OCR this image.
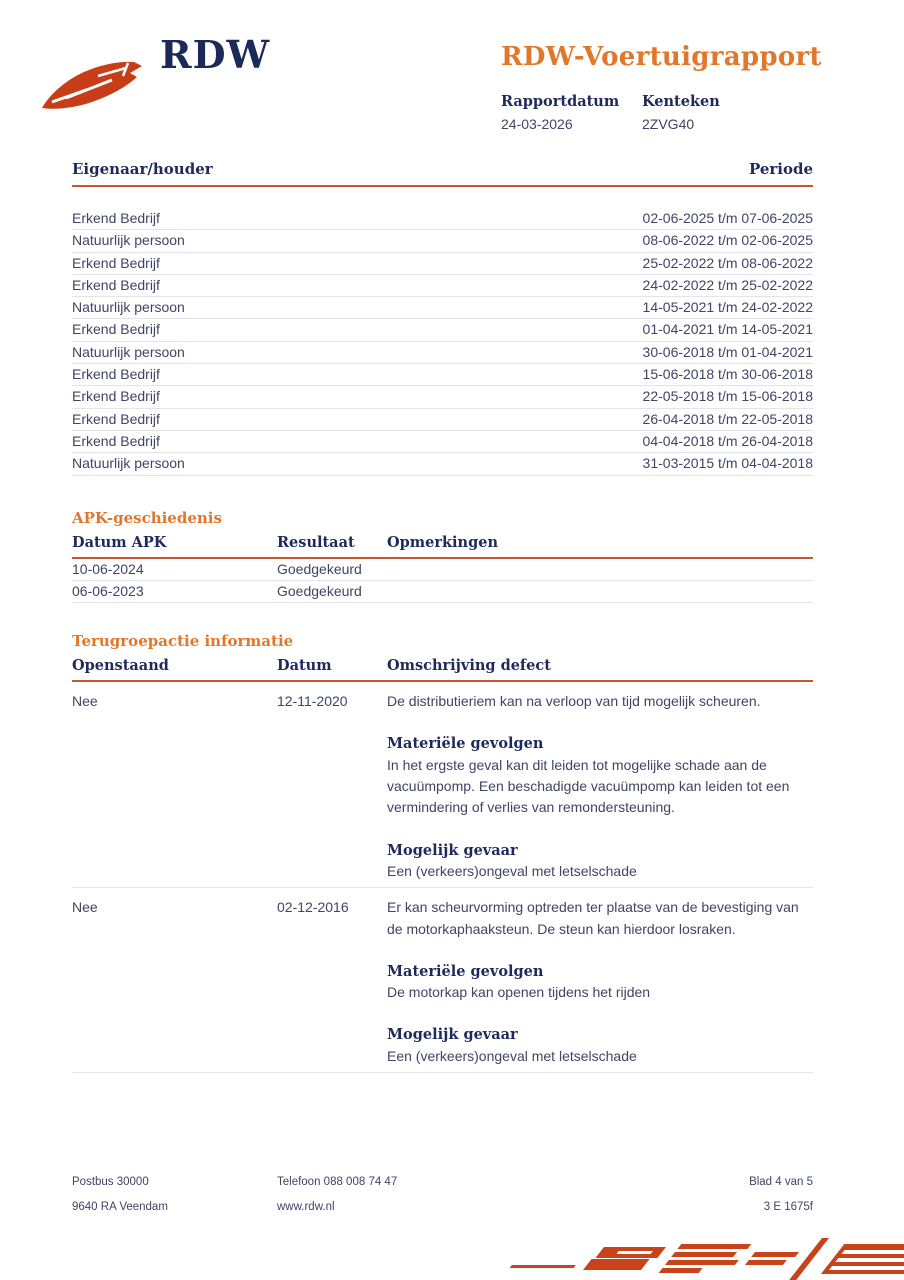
RDW	RDW-Voertuigrapport
Rapportdatum
24-03-2026
Kenteken
2ZVG40
Eigenaar/houder	Periode
Erkend Bedrijf	02-06-2025 t/m 07-06-2025
Natuurlijk persoon	08-06-2022 t/m 02-06-2025
Erkend Bedrijf	25-02-2022 t/m 08-06-2022
Erkend Bedrijf	24-02-2022 t/m 25-02-2022
Natuurlijk persoon	14-05-2021 t/m 24-02-2022
Erkend Bedrijf	01-04-2021 t/m 14-05-2021
Natuurlijk persoon	30-06-2018 t/m 01-04-2021
Erkend Bedrijf	15-06-2018 t/m 30-06-2018
Erkend Bedrijf	22-05-2018 t/m 15-06-2018
Erkend Bedrijf	26-04-2018 t/m 22-05-2018
Erkend Bedrijf	04-04-2018 t/m 26-04-2018
Natuurlijk persoon	31-03-2015 t/m 04-04-2018
APK-geschiedenis
Datum APK	Resultaat	Opmerkingen
10-06-2024	Goedgekeurd
06-06-2023	Goedgekeurd
Terugroepactie informatie
Openstaand	Datum	Omschrijving defect
Nee	12-11-2020	De distributieriem kan na verloop van tijd mogelijk scheuren.

Materiële gevolgen

In het ergste geval kan dit leiden tot mogelijke schade aan de vacuümpomp. Een beschadigde vacuümpomp kan leiden tot een vermindering of verlies van remondersteuning.

Mogelijk gevaar

Een (verkeers)ongeval met letselschade

Nee	02-12-2016	Er kan scheurvorming optreden ter plaatse van de bevestiging van de motorkaphaaksteun. De steun kan hierdoor losraken.

Materiële gevolgen

De motorkap kan openen tijdens het rijden

Mogelijk gevaar

Een (verkeers)ongeval met letselschade

Postbus 30000
9640 RA Veendam
Telefoon 088 008 74 47
www.rdw.nl
Blad 4 van 5
3 E 1675f
